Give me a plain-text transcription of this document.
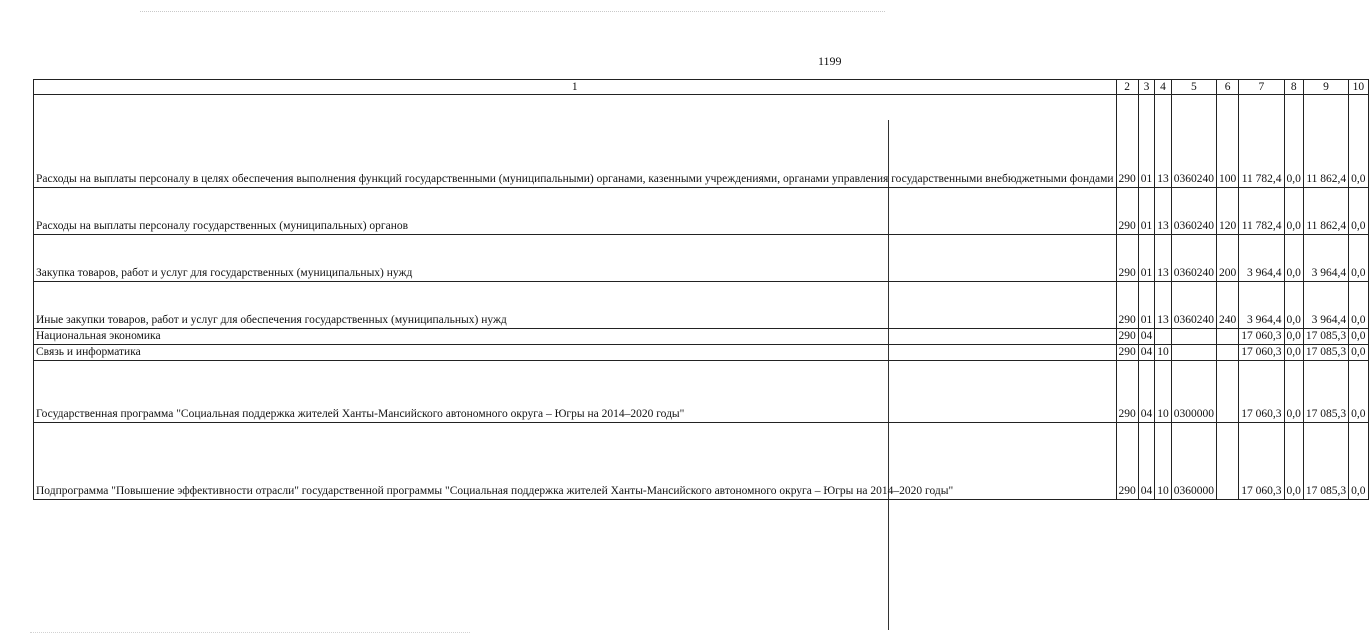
1199
1	2	3	4	5	6	7	8	9	10
Расходы на выплаты персоналу в целях обеспечения выполнения функций государственными (муниципальными) органами, казенными учреждениями, органами управления государственными внебюджетными фондами	290	01	13	0360240	100	11 782,4	0,0	11 862,4	0,0
Расходы на выплаты персоналу государственных (муниципальных) органов	290	01	13	0360240	120	11 782,4	0,0	11 862,4	0,0
Закупка товаров, работ и услуг для государственных (муниципальных) нужд	290	01	13	0360240	200	3 964,4	0,0	3 964,4	0,0
Иные закупки товаров, работ и услуг для обеспечения государственных (муниципальных) нужд	290	01	13	0360240	240	3 964,4	0,0	3 964,4	0,0
Национальная экономика	290	04				17 060,3	0,0	17 085,3	0,0
Связь и информатика	290	04	10			17 060,3	0,0	17 085,3	0,0
Государственная программа "Социальная поддержка жителей Ханты-Мансийского автономного округа – Югры на 2014–2020 годы"	290	04	10	0300000		17 060,3	0,0	17 085,3	0,0
Подпрограмма "Повышение эффективности отрасли" государственной программы "Социальная поддержка жителей Ханты-Мансийского автономного округа – Югры на 2014–2020 годы"	290	04	10	0360000		17 060,3	0,0	17 085,3	0,0
